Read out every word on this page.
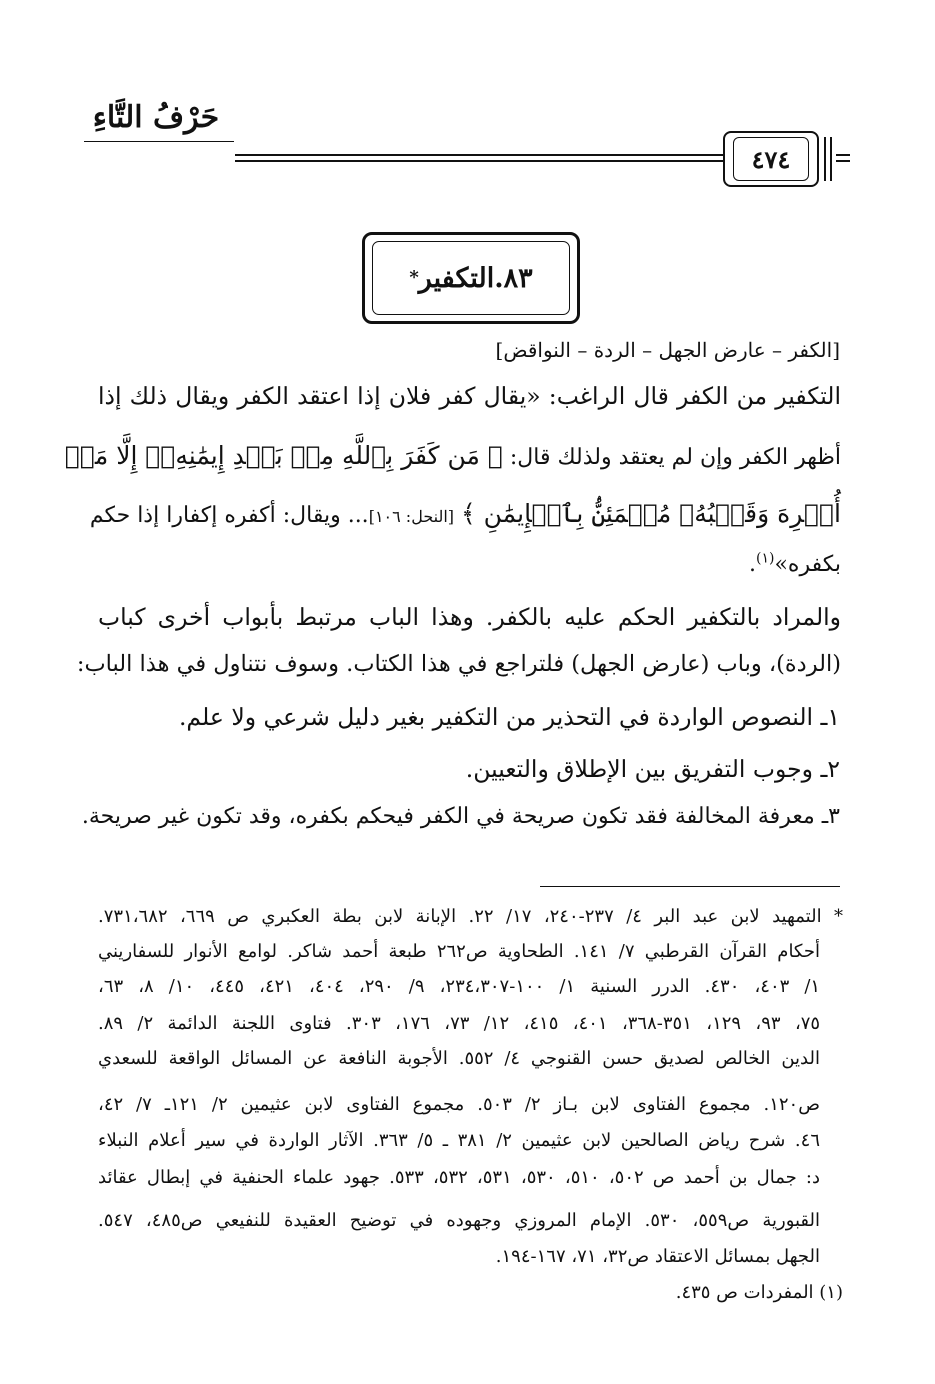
حَرْفُ التَّاءِ
٤٧٤
٨٣.التكفير
*
[الكفر – عارض الجهل – الردة – النواقض]
التكفير من الكفر قال الراغب: «يقال كفر فلان إذا اعتقد الكفر ويقال ذلك إذا
أظهر الكفر وإن لم يعتقد ولذلك قال: ﴿ مَن كَفَرَ بِٱللَّهِ مِنۢ بَعۡدِ إِيمَٰنِهِۦٓ إِلَّا مَنۡ
أُكۡرِهَ وَقَلۡبُهُۥ مُطۡمَئِنُّۢ بِٱلۡإِيمَٰنِ ﴾ [النحل: ١٠٦]... ويقال: أكفره إكفارا إذا حكم
بكفره»$^{(١)}$.
والمراد بالتكفير الحكم عليه بالكفر. وهذا الباب مرتبط بأبواب أخرى كباب
(الردة)، وباب (عارض الجهل) فلتراجع في هذا الكتاب. وسوف نتناول في هذا الباب:
١ـ النصوص الواردة في التحذير من التكفير بغير دليل شرعي ولا علم.
٢ـ وجوب التفريق بين الإطلاق والتعيين.
٣ـ معرفة المخالفة فقد تكون صريحة في الكفر فيحكم بكفره، وقد تكون غير صريحة.
* التمهيد لابن عبد البر ٤/ ٢٣٧-٢٤٠، ١٧/ ٢٢. الإبانة لابن بطة العكبري ص ٦٦٩، ٧٣١،٦٨٢.
أحكام القرآن القرطبي ٧/ ١٤١. الطحاوية ص٢٦٢ طبعة أحمد شاكر. لوامع الأنوار للسفاريني
١/ ٤٠٣، ٤٣٠. الدرر السنية ١/ ١٠٠-٢٣٤،٣٠٧، ٩/ ٢٩٠، ٤٠٤، ٤٢١، ٤٤٥، ١٠/ ٨، ٦٣،
٧٥، ٩٣، ١٢٩، ٣٥١-٣٦٨، ٤٠١، ٤١٥، ١٢/ ٧٣، ١٧٦، ٣٠٣. فتاوى اللجنة الدائمة ٢/ ٨٩.
الدين الخالص لصديق حسن القنوجي ٤/ ٥٥٢. الأجوبة النافعة عن المسائل الواقعة للسعدي
ص١٢٠. مجموع الفتاوى لابن بـاز ٢/ ٥٠٣. مجموع الفتاوى لابن عثيمين ٢/ ١٢١ـ ٧/ ٤٢،
٤٦. شرح رياض الصالحين لابن عثيمين ٢/ ٣٨١ ـ ٥/ ٣٦٣. الآثار الواردة في سير أعلام النبلاء
د: جمال بن أحمد ص ٥٠٢، ٥١٠، ٥٣٠، ٥٣١، ٥٣٢، ٥٣٣. جهود علماء الحنفية في إبطال عقائد
القبورية ص٥٥٩، ٥٣٠. الإمام المروزي وجهوده في توضيح العقيدة للنفيعي ص٤٨٥، ٥٤٧.
الجهل بمسائل الاعتقاد ص٣٢، ٧١، ١٦٧-١٩٤.
(١) المفردات ص ٤٣٥.
